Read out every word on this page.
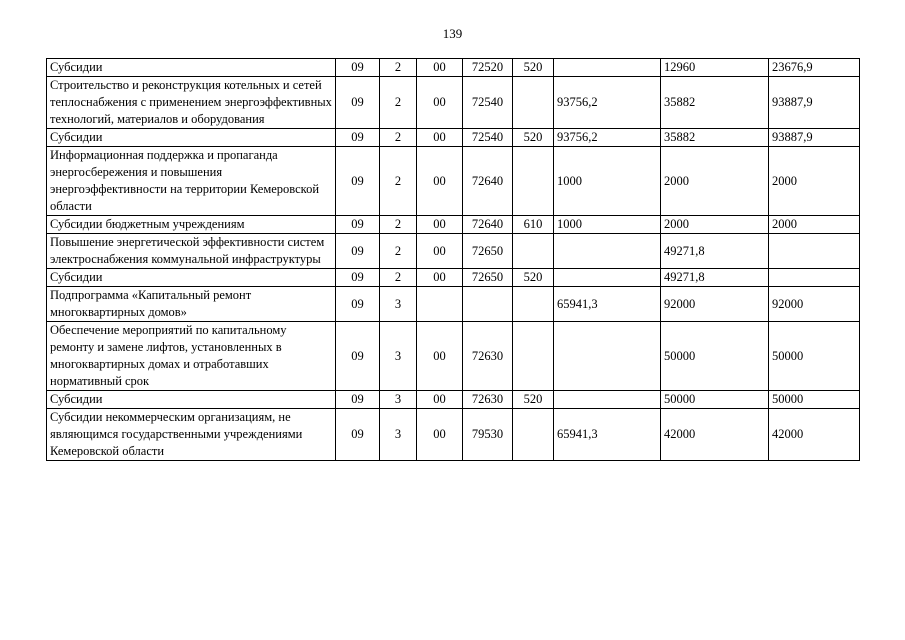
139
Субсидии	09	2	00	72520	520		12960	23676,9
Строительство и реконструкция котельных и сетей теплоснабжения с применением энергоэффективных технологий, материалов и оборудования	09	2	00	72540		93756,2	35882	93887,9
Субсидии	09	2	00	72540	520	93756,2	35882	93887,9
Информационная поддержка и пропаганда энергосбережения и повышения энергоэффективности на территории Кемеровской области	09	2	00	72640		1000	2000	2000
Субсидии бюджетным учреждениям	09	2	00	72640	610	1000	2000	2000
Повышение энергетической эффективности систем электроснабжения коммунальной инфраструктуры	09	2	00	72650			49271,8	
Субсидии	09	2	00	72650	520		49271,8	
Подпрограмма «Капитальный ремонт многоквартирных домов»	09	3				65941,3	92000	92000
Обеспечение мероприятий по капитальному ремонту и замене лифтов, установленных в многоквартирных домах и отработавших нормативный срок	09	3	00	72630			50000	50000
Субсидии	09	3	00	72630	520		50000	50000
Субсидии некоммерческим организациям, не являющимся государственными учреждениями Кемеровской области	09	3	00	79530		65941,3	42000	42000
